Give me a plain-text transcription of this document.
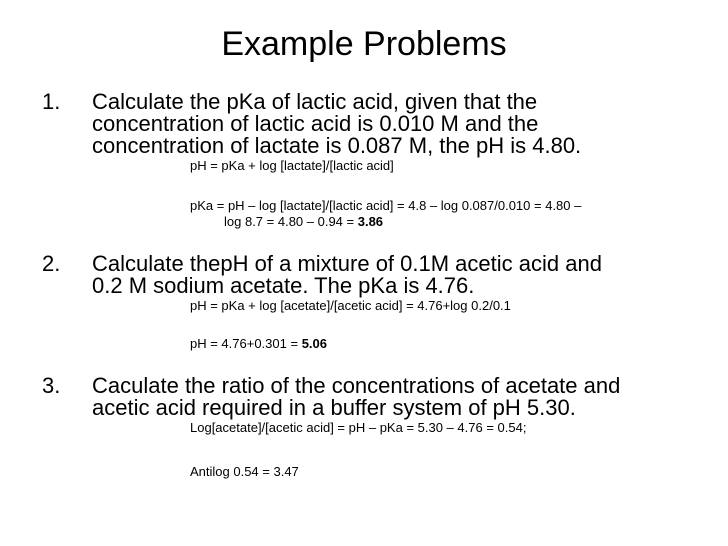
Example Problems
1. Calculate the pKa of lactic acid, given that the
concentration of lactic acid is 0.010 M and the
concentration of lactate is 0.087 M, the pH is 4.80.
pH = pKa + log [lactate]/[lactic acid]
pKa = pH – log [lactate]/[lactic acid] = 4.8 – log 0.087/0.010 = 4.80 –
log 8.7 = 4.80 – 0.94 = 3.86
2. Calculate thepH of a mixture of 0.1M acetic acid and
0.2 M sodium acetate. The pKa is 4.76.
pH = pKa + log [acetate]/[acetic acid] = 4.76+log 0.2/0.1
pH = 4.76+0.301 = 5.06
3. Caculate the ratio of the concentrations of acetate and
acetic acid required in a buffer system of pH 5.30.
Log[acetate]/[acetic acid] = pH – pKa = 5.30 – 4.76 = 0.54;
Antilog 0.54 = 3.47
